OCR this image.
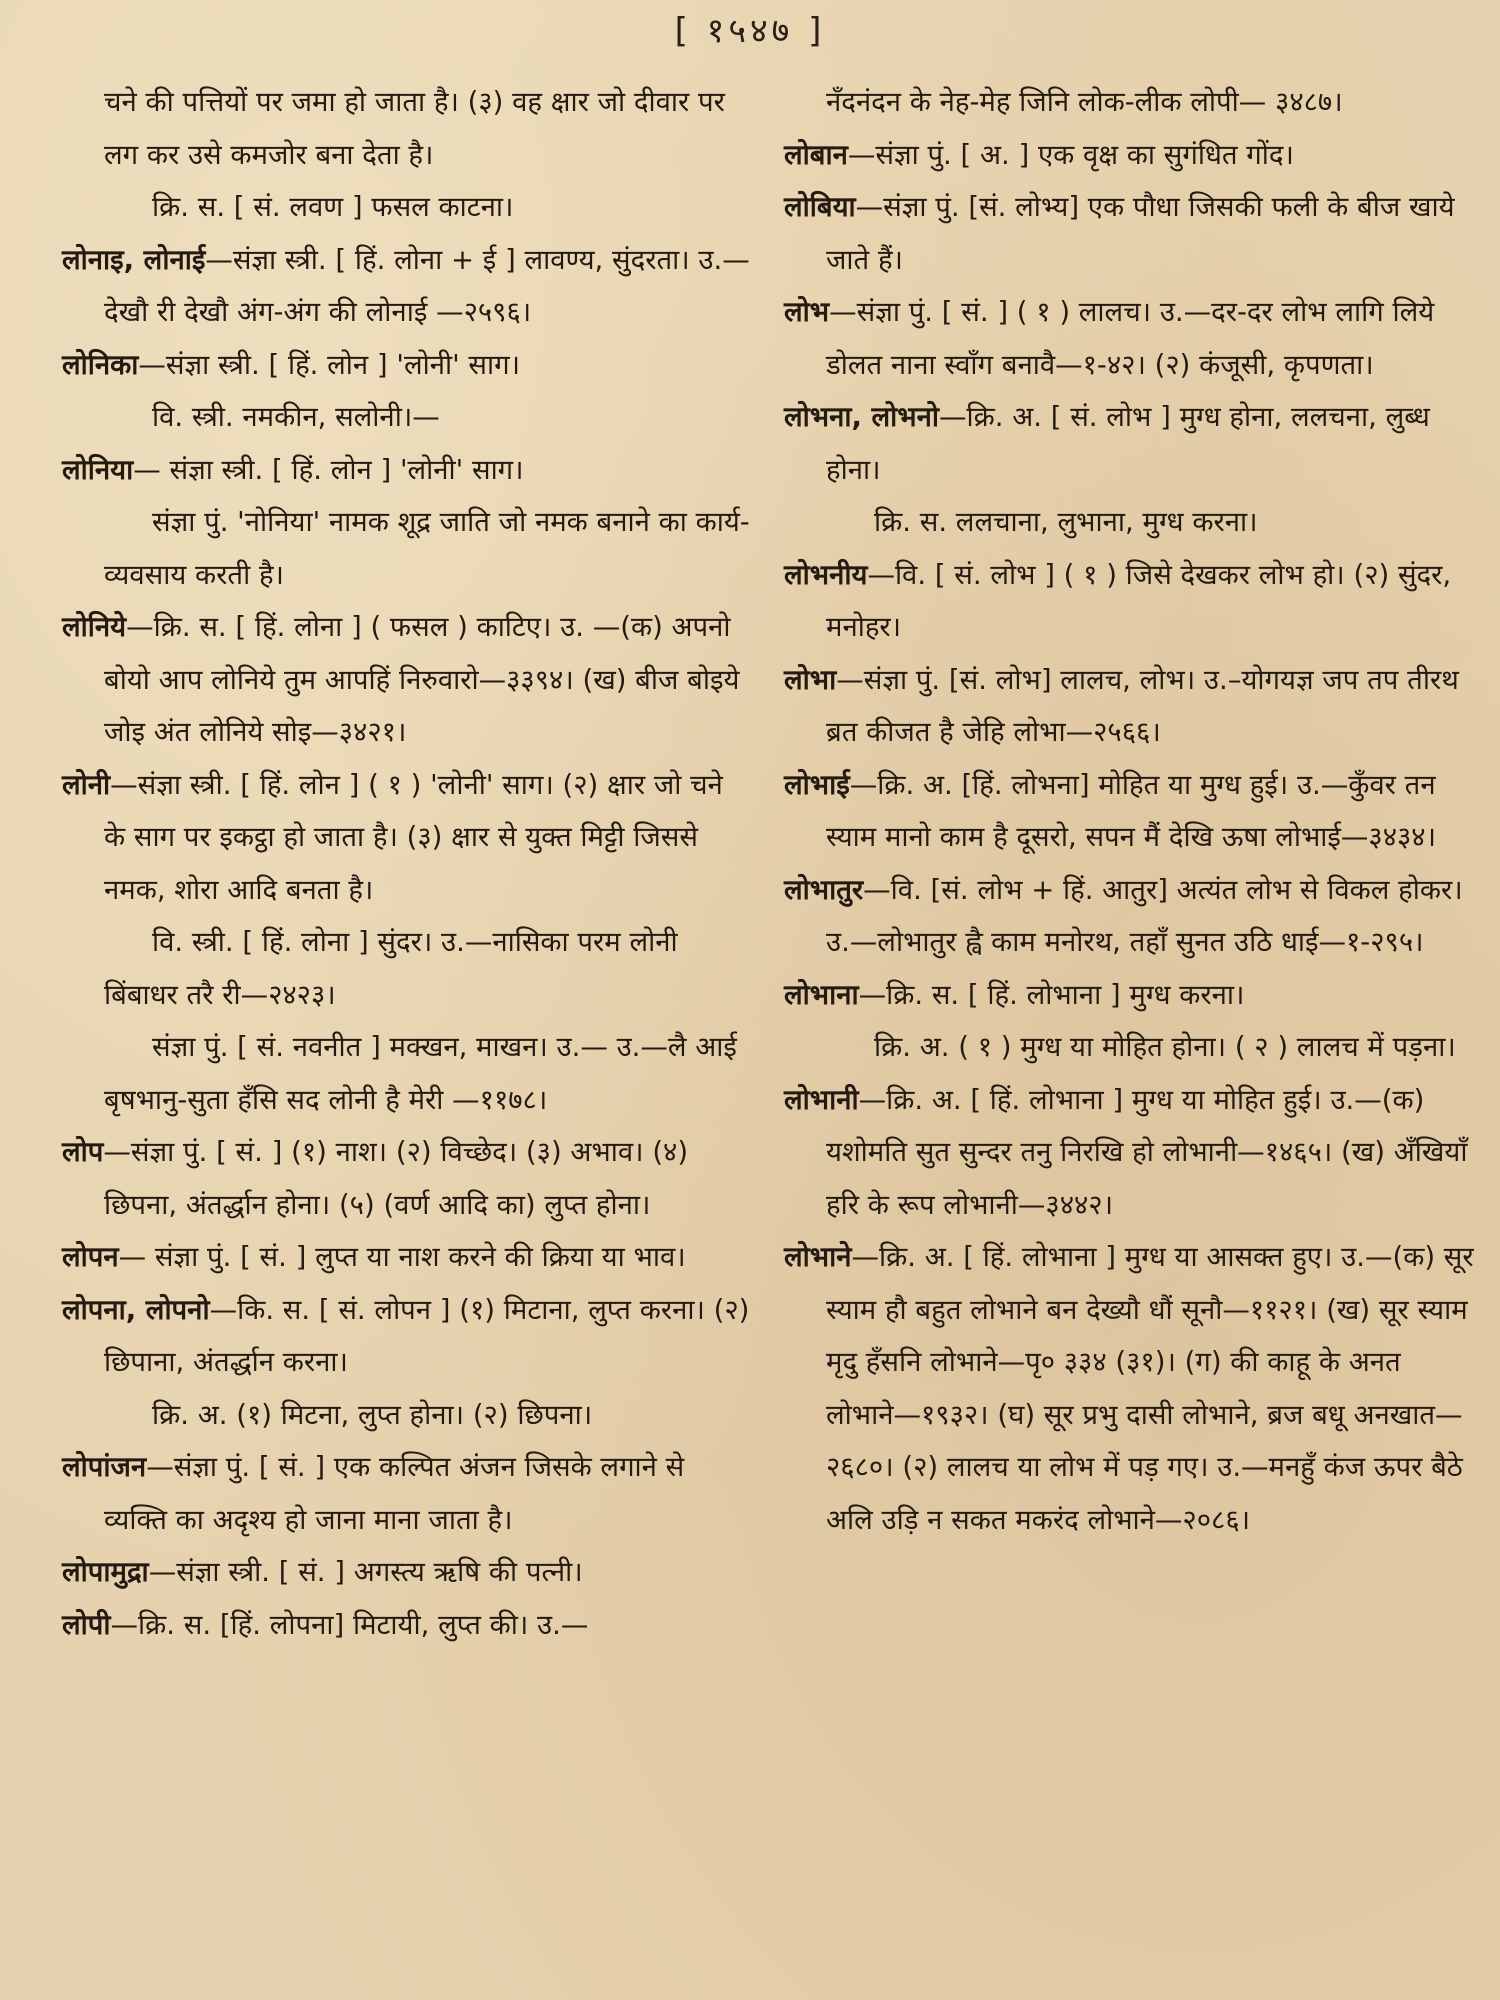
[ १५४७ ]

चने की पत्तियों पर जमा हो जाता है। (३) वह क्षार जो दीवार पर लग कर उसे कमजोर बना देता है।

क्रि. स. [ सं. लवण ] फसल काटना।

लोनाइ, लोनाई—संज्ञा स्त्री. [ हिं. लोना + ई ] लावण्य, सुंदरता। उ.—देखौ री देखौ अंग-अंग की लोनाई —२५९६।

लोनिका—संज्ञा स्त्री. [ हिं. लोन ] 'लोनी' साग।

वि. स्त्री. नमकीन, सलोनी।—

लोनिया— संज्ञा स्त्री. [ हिं. लोन ] 'लोनी' साग।

संज्ञा पुं. 'नोनिया' नामक शूद्र जाति जो नमक बनाने का कार्य-व्यवसाय करती है।

लोनिये—क्रि. स. [ हिं. लोना ] ( फसल ) काटिए। उ. —(क) अपनो बोयो आप लोनिये तुम आपहिं निरुवारो—३३९४। (ख) बीज बोइये जोइ अंत लोनिये सोइ—३४२१।

लोनी—संज्ञा स्त्री. [ हिं. लोन ] ( १ ) 'लोनी' साग। (२) क्षार जो चने के साग पर इकट्ठा हो जाता है। (३) क्षार से युक्त मिट्टी जिससे नमक, शोरा आदि बनता है।

वि. स्त्री. [ हिं. लोना ] सुंदर। उ.—नासिका परम लोनी बिंबाधर तरै री—२४२३।

संज्ञा पुं. [ सं. नवनीत ] मक्खन, माखन। उ.— उ.—लै आई बृषभानु-सुता हँसि सद लोनी है मेरी —११७८।

लोप—संज्ञा पुं. [ सं. ] (१) नाश। (२) विच्छेद। (३) अभाव। (४) छिपना, अंतर्द्धान होना। (५) (वर्ण आदि का) लुप्त होना।

लोपन— संज्ञा पुं. [ सं. ] लुप्त या नाश करने की क्रिया या भाव।

लोपना, लोपनो—कि. स. [ सं. लोपन ] (१) मिटाना, लुप्त करना। (२) छिपाना, अंतर्द्धान करना।

क्रि. अ. (१) मिटना, लुप्त होना। (२) छिपना।

लोपांजन—संज्ञा पुं. [ सं. ] एक कल्पित अंजन जिसके लगाने से व्यक्ति का अदृश्य हो जाना माना जाता है।

लोपामुद्रा—संज्ञा स्त्री. [ सं. ] अगस्त्य ऋषि की पत्नी।

लोपी—क्रि. स. [हिं. लोपना] मिटायी, लुप्त की। उ.—

नँदनंदन के नेह-मेह जिनि लोक-लीक लोपी— ३४८७।

लोबान—संज्ञा पुं. [ अ. ] एक वृक्ष का सुगंधित गोंद।

लोबिया—संज्ञा पुं. [सं. लोभ्य] एक पौधा जिसकी फली के बीज खाये जाते हैं।

लोभ—संज्ञा पुं. [ सं. ] ( १ ) लालच। उ.—दर-दर लोभ लागि लिये डोलत नाना स्वाँग बनावै—१-४२। (२) कंजूसी, कृपणता।

लोभना, लोभनो—क्रि. अ. [ सं. लोभ ] मुग्ध होना, ललचना, लुब्ध होना।

क्रि. स. ललचाना, लुभाना, मुग्ध करना।

लोभनीय—वि. [ सं. लोभ ] ( १ ) जिसे देखकर लोभ हो। (२) सुंदर, मनोहर।

लोभा—संज्ञा पुं. [सं. लोभ] लालच, लोभ। उ.–योगयज्ञ जप तप तीरथ ब्रत कीजत है जेहि लोभा—२५६६।

लोभाई—क्रि. अ. [हिं. लोभना] मोहित या मुग्ध हुई। उ.—कुँवर तन स्याम मानो काम है दूसरो, सपन मैं देखि ऊषा लोभाई—३४३४।

लोभातुर—वि. [सं. लोभ + हिं. आतुर] अत्यंत लोभ से विकल होकर। उ.—लोभातुर ह्वै काम मनोरथ, तहाँ सुनत उठि धाई—१-२९५।

लोभाना—क्रि. स. [ हिं. लोभाना ] मुग्ध करना।

क्रि. अ. ( १ ) मुग्ध या मोहित होना। ( २ ) लालच में पड़ना।

लोभानी—क्रि. अ. [ हिं. लोभाना ] मुग्ध या मोहित हुई। उ.—(क) यशोमति सुत सुन्दर तनु निरखि हो लोभानी—१४६५। (ख) अँखियाँ हरि के रूप लोभानी—३४४२।

लोभाने—क्रि. अ. [ हिं. लोभाना ] मुग्ध या आसक्त हुए। उ.—(क) सूर स्याम हौ बहुत लोभाने बन देख्यौ धौं सूनौ—११२१। (ख) सूर स्याम मृदु हँसनि लोभाने—पृ० ३३४ (३१)। (ग) की काहू के अनत लोभाने—१९३२। (घ) सूर प्रभु दासी लोभाने, ब्रज बधू अनखात—२६८०। (२) लालच या लोभ में पड़ गए। उ.—मनहुँ कंज ऊपर बैठे अलि उड़ि न सकत मकरंद लोभाने—२०८६।
